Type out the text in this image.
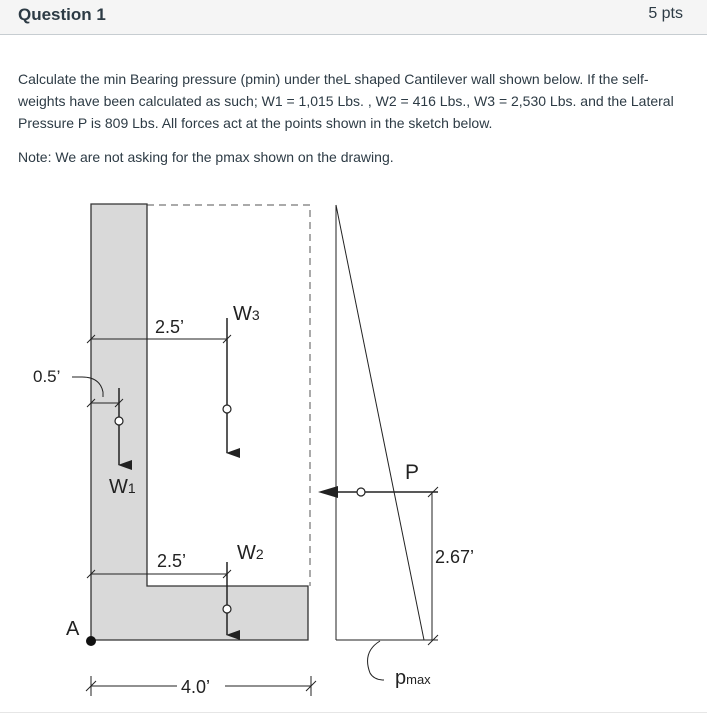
Question 1	5 pts

Calculate the min Bearing pressure (pmin) under theL shaped Cantilever wall shown below. If the self-weights have been calculated as such; W1 = 1,015 Lbs. , W2 = 416 Lbs., W3 = 2,530 Lbs. and the Lateral Pressure P is 809 Lbs. All forces act at the points shown in the sketch below.

Note: We are not asking for the pmax shown on the drawing.

2.5’
W3
0.5’
W1
2.5’	W2
A
4.0’
P
2.67’
pmax
